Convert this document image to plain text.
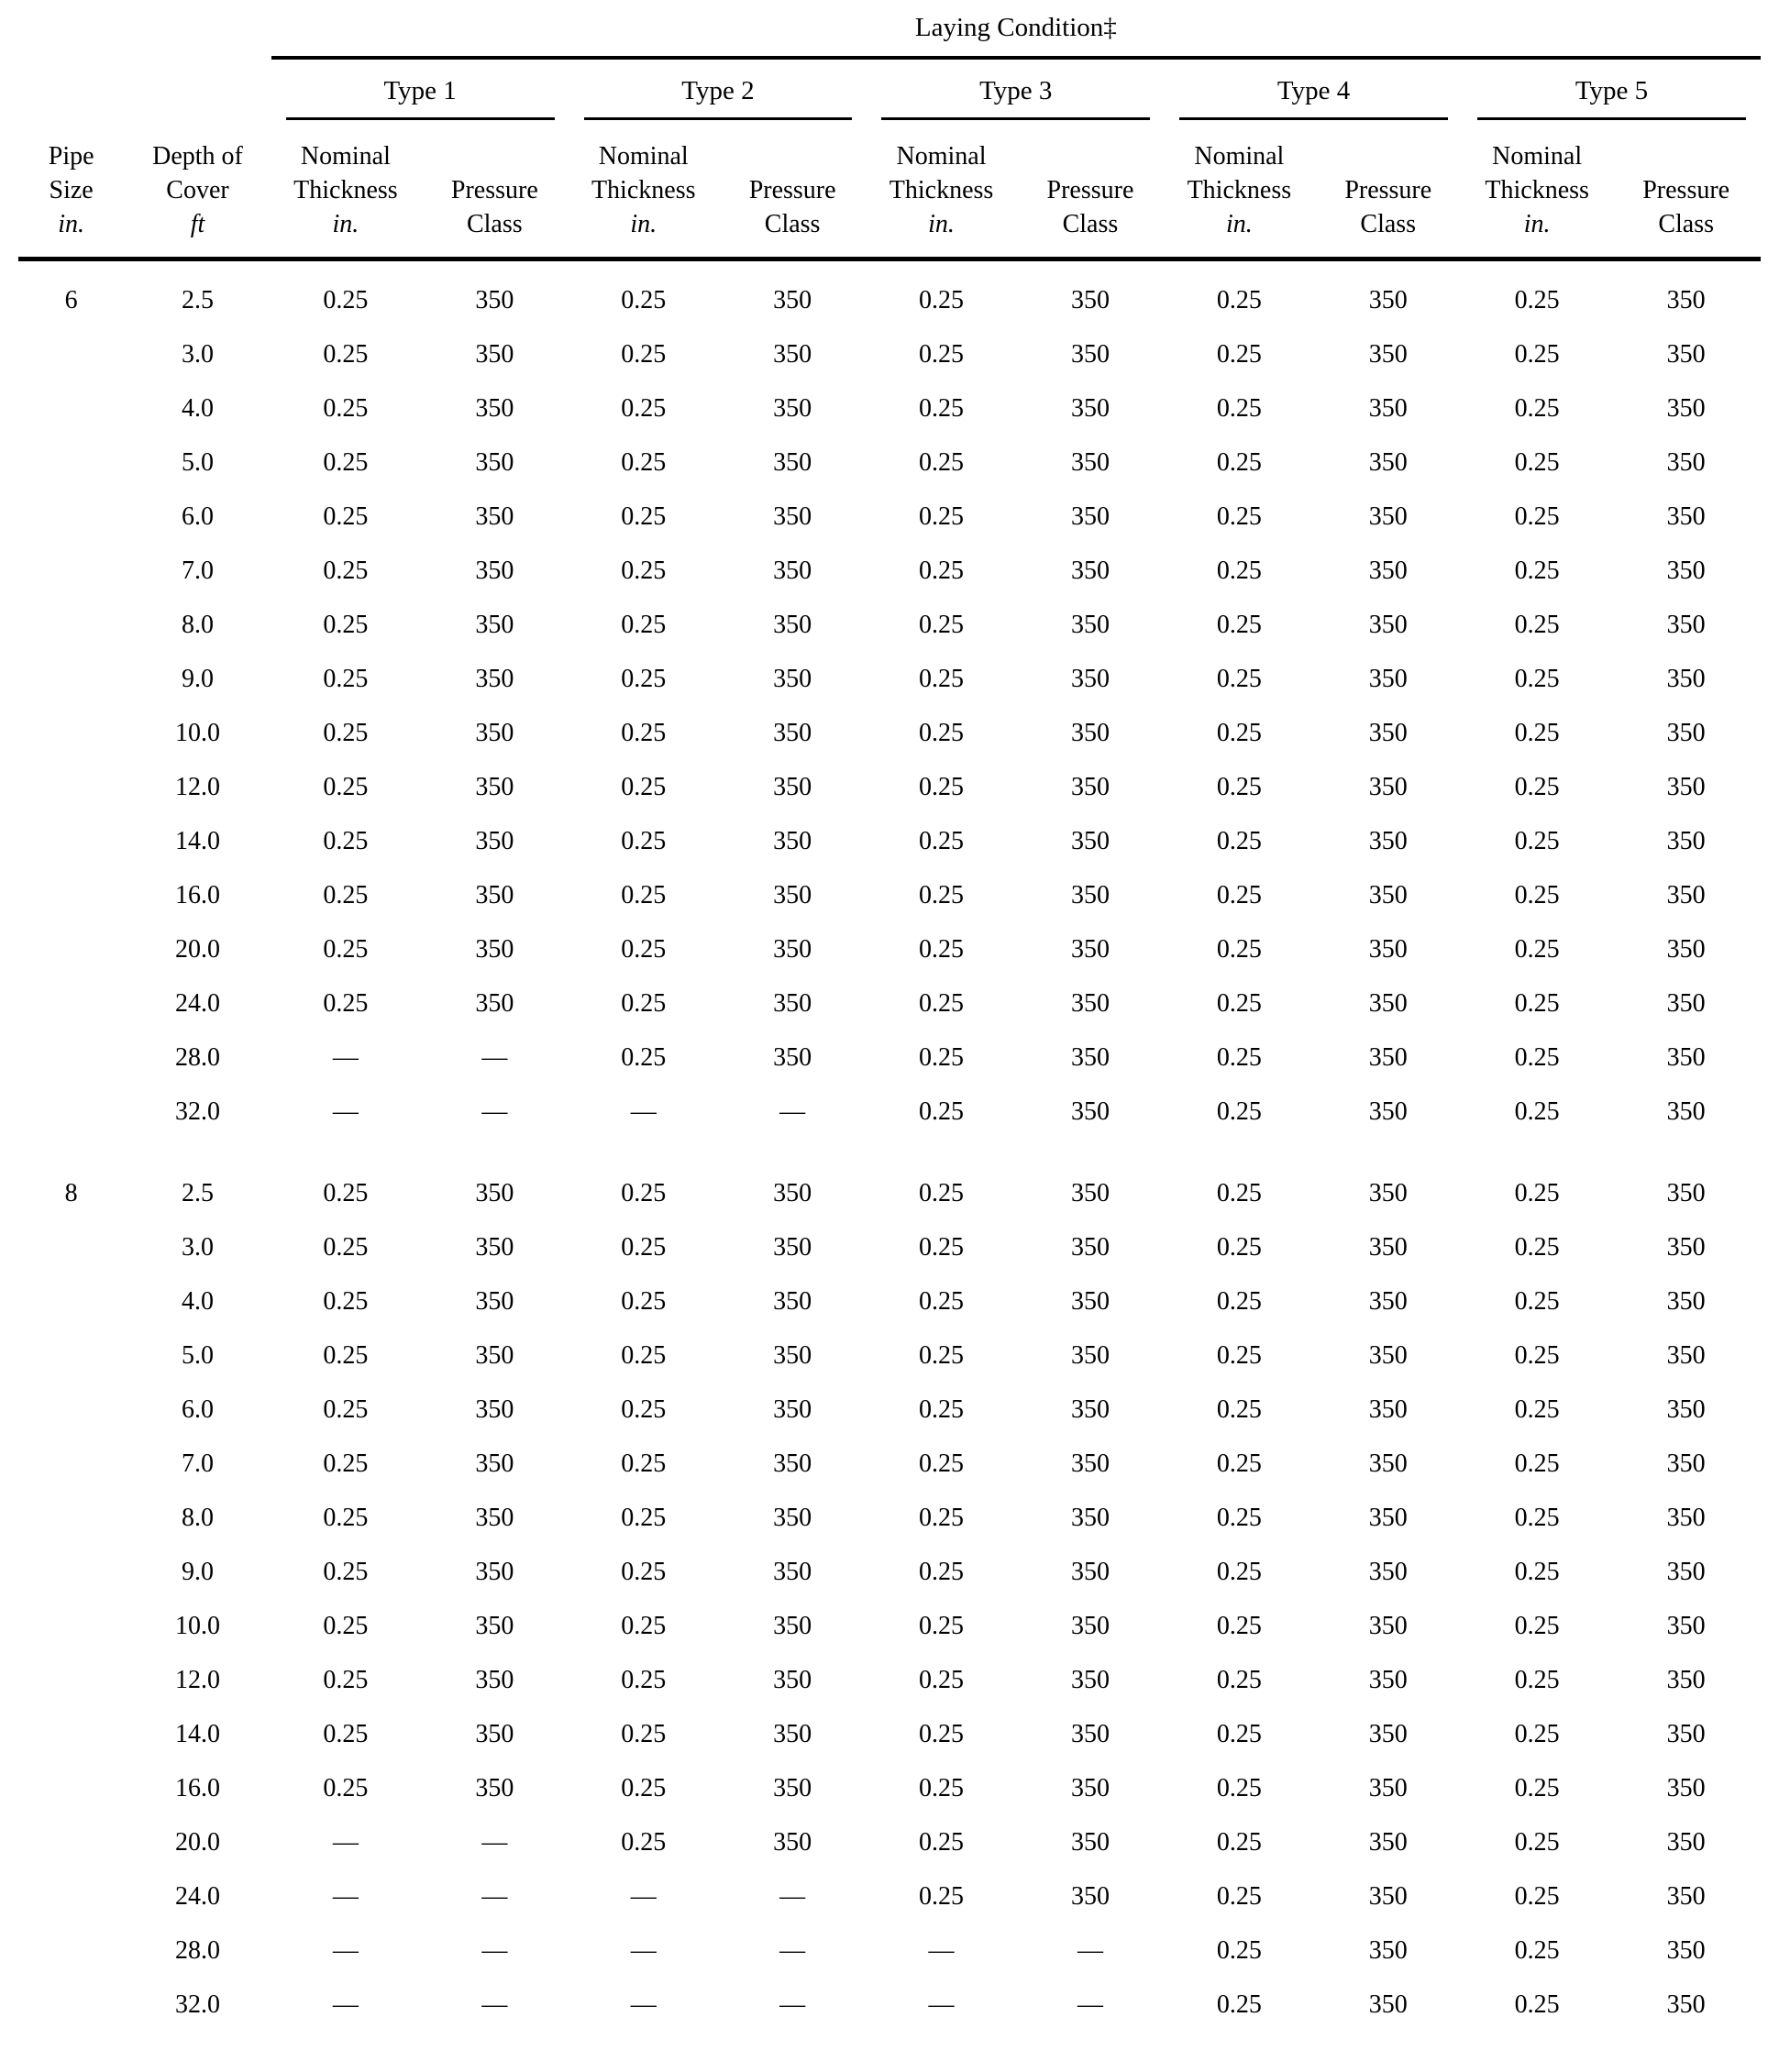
		Laying Condition‡									

		Type 1		Type 2		Type 3		Type 4		Type 5	

Pipe
Size
in.

Depth of
Cover
ft

Nominal
Thickness
in.

Pressure
Class

Nominal
Thickness
in.

Pressure
Class

Nominal
Thickness
in.

Pressure
Class

Nominal
Thickness
in.

Pressure
Class

Nominal
Thickness
in.

Pressure
Class

6	2.5	0.25	350	0.25	350	0.25	350	0.25	350	0.25	350
	3.0	0.25	350	0.25	350	0.25	350	0.25	350	0.25	350
	4.0	0.25	350	0.25	350	0.25	350	0.25	350	0.25	350
	5.0	0.25	350	0.25	350	0.25	350	0.25	350	0.25	350
	6.0	0.25	350	0.25	350	0.25	350	0.25	350	0.25	350
	7.0	0.25	350	0.25	350	0.25	350	0.25	350	0.25	350
	8.0	0.25	350	0.25	350	0.25	350	0.25	350	0.25	350
	9.0	0.25	350	0.25	350	0.25	350	0.25	350	0.25	350
	10.0	0.25	350	0.25	350	0.25	350	0.25	350	0.25	350
	12.0	0.25	350	0.25	350	0.25	350	0.25	350	0.25	350
	14.0	0.25	350	0.25	350	0.25	350	0.25	350	0.25	350
	16.0	0.25	350	0.25	350	0.25	350	0.25	350	0.25	350
	20.0	0.25	350	0.25	350	0.25	350	0.25	350	0.25	350
	24.0	0.25	350	0.25	350	0.25	350	0.25	350	0.25	350
	28.0	—	—	0.25	350	0.25	350	0.25	350	0.25	350
	32.0	—	—	—	—	0.25	350	0.25	350	0.25	350

8	2.5	0.25	350	0.25	350	0.25	350	0.25	350	0.25	350
	3.0	0.25	350	0.25	350	0.25	350	0.25	350	0.25	350
	4.0	0.25	350	0.25	350	0.25	350	0.25	350	0.25	350
	5.0	0.25	350	0.25	350	0.25	350	0.25	350	0.25	350
	6.0	0.25	350	0.25	350	0.25	350	0.25	350	0.25	350
	7.0	0.25	350	0.25	350	0.25	350	0.25	350	0.25	350
	8.0	0.25	350	0.25	350	0.25	350	0.25	350	0.25	350
	9.0	0.25	350	0.25	350	0.25	350	0.25	350	0.25	350
	10.0	0.25	350	0.25	350	0.25	350	0.25	350	0.25	350
	12.0	0.25	350	0.25	350	0.25	350	0.25	350	0.25	350
	14.0	0.25	350	0.25	350	0.25	350	0.25	350	0.25	350
	16.0	0.25	350	0.25	350	0.25	350	0.25	350	0.25	350
	20.0	—	—	0.25	350	0.25	350	0.25	350	0.25	350
	24.0	—	—	—	—	0.25	350	0.25	350	0.25	350
	28.0	—	—	—	—	—	—	0.25	350	0.25	350
	32.0	—	—	—	—	—	—	0.25	350	0.25	350
